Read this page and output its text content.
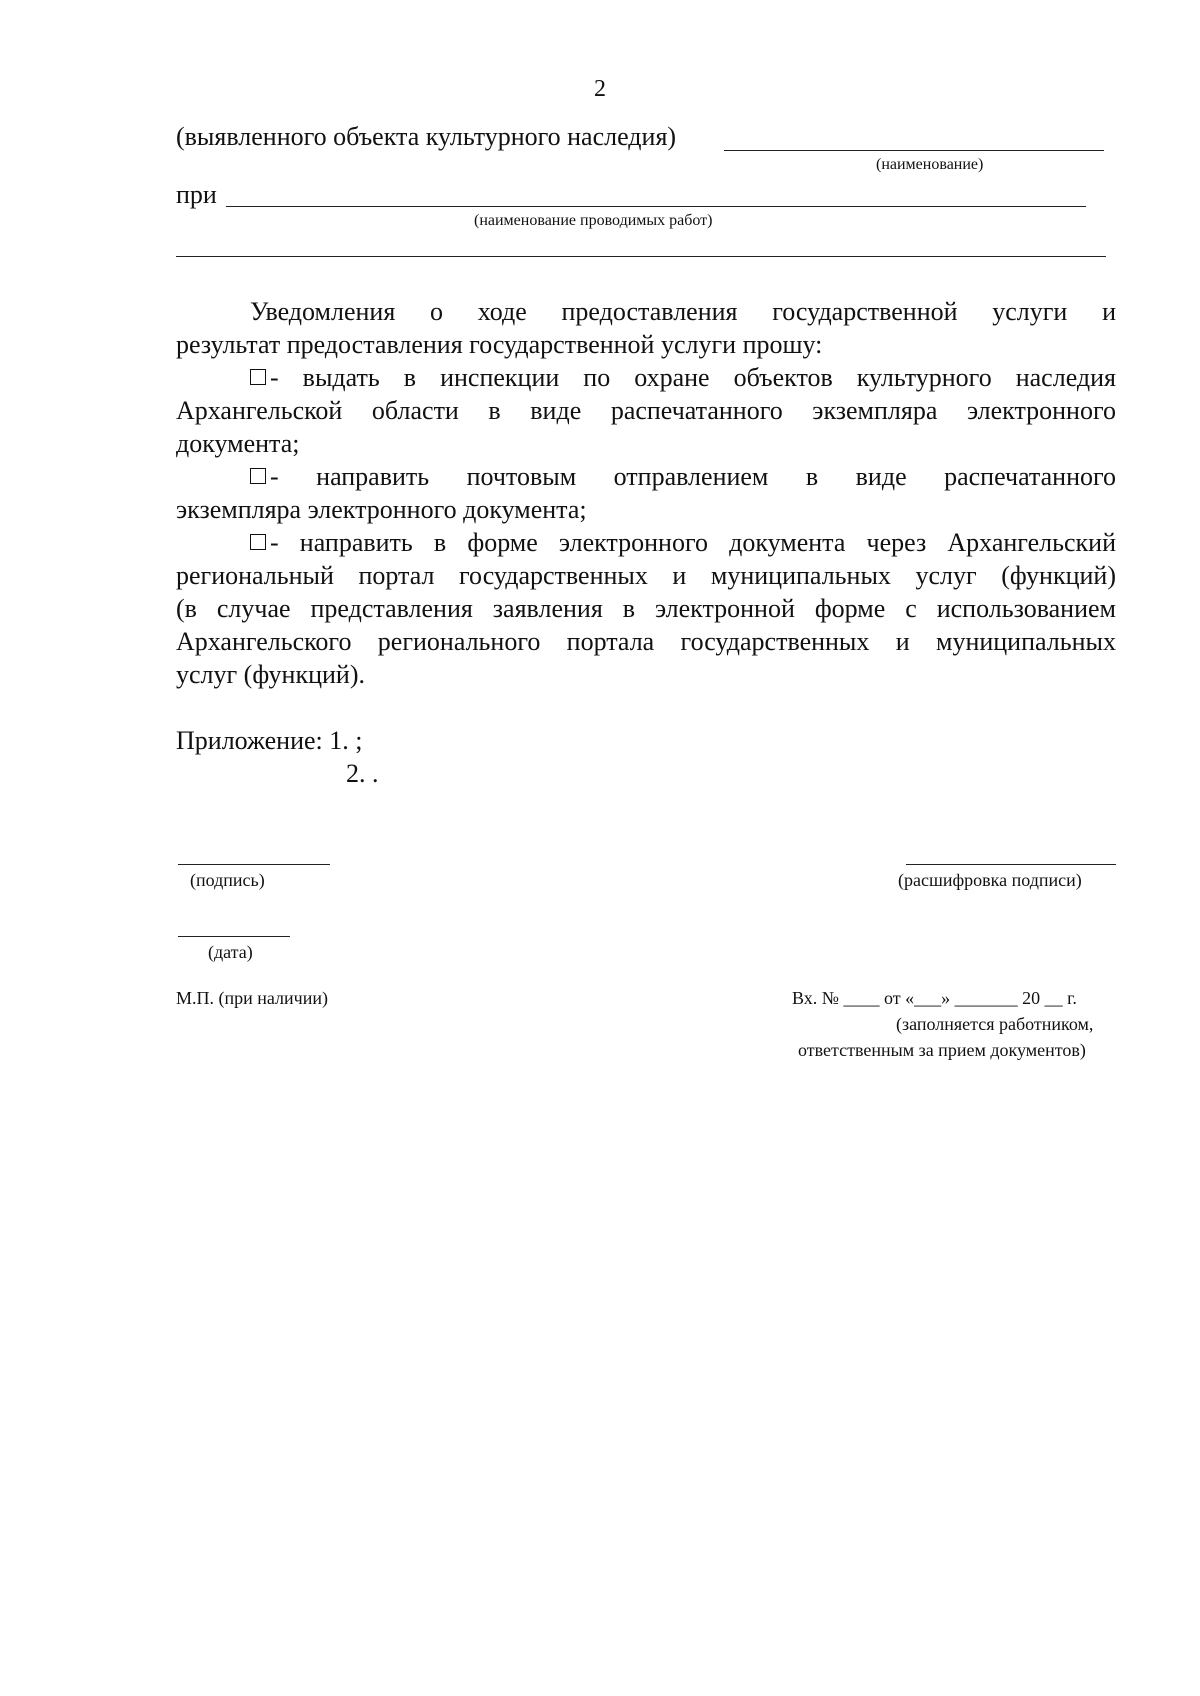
2
(выявленного объекта культурного наследия)
(наименование)
при
(наименование проводимых работ)
Уведомления о ходе предоставления государственной услуги и
результат предоставления государственной услуги прошу:
- выдать в инспекции по охране объектов культурного наследия
Архангельской области в виде распечатанного экземпляра электронного
документа;
- направить почтовым отправлением в виде распечатанного
экземпляра электронного документа;
- направить в форме электронного документа через Архангельский
региональный портал государственных и муниципальных услуг (функций)
(в случае представления заявления в электронной форме с использованием
Архангельского регионального портала государственных и муниципальных
услуг (функций).
Приложение: 1. ;
2. .
(подпись)	(расшифровка подписи)
(дата)
М.П. (при наличии)	Вх. № ____ от «___» _______ 20 __ г.
(заполняется работником,
ответственным за прием документов)
